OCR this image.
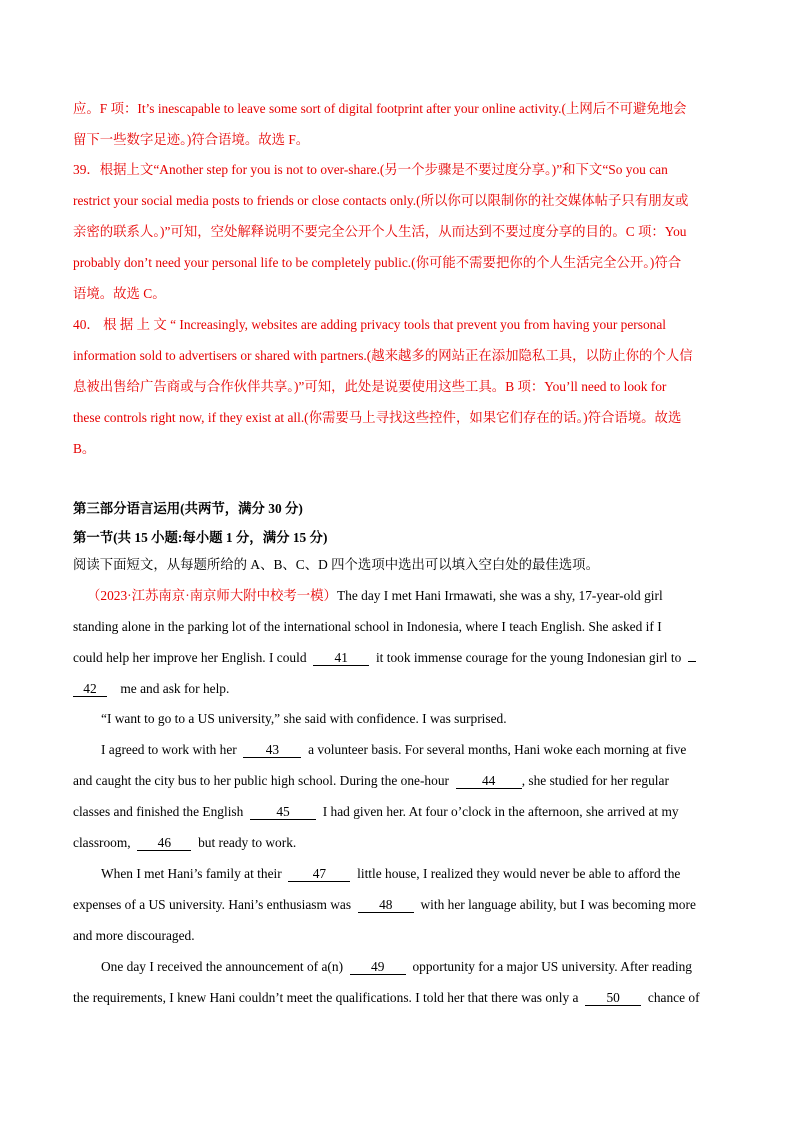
应。F 项：It’s inescapable to leave some sort of digital footprint after your online activity.(上网后不可避免地会
留下一些数字足迹。)符合语境。故选 F。
39．根据上文“Another step for you is not to over-share.(另一个步骤是不要过度分享。)”和下文“So you can
restrict your social media posts to friends or close contacts only.(所以你可以限制你的社交媒体帖子只有朋友或
亲密的联系人。)”可知，空处解释说明不要完全公开个人生活，从而达到不要过度分享的目的。C 项：You
probably don’t need your personal life to be completely public.(你可能不需要把你的个人生活完全公开。)符合
语境。故选 C。
40． 根 据 上 文 “ Increasingly, websites are adding privacy tools that prevent you from having your personal
information sold to advertisers or shared with partners.(越来越多的网站正在添加隐私工具，以防止你的个人信
息被出售给广告商或与合作伙伴共享。)”可知，此处是说要使用这些工具。B 项：You’ll need to look for
these controls right now, if they exist at all.(你需要马上寻找这些控件，如果它们存在的话。)符合语境。故选
B。
第三部分语言运用(共两节，满分 30 分)
第一节(共 15 小题:每小题 1 分，满分 15 分)
阅读下面短文，从每题所给的 A、B、C、D 四个选项中选出可以填入空白处的最佳选项。
（2023·江苏南京·南京师大附中校考一模）The day I met Hani Irmawati, she was a shy, 17-year-old girl
standing alone in the parking lot of the international school in Indonesia, where I teach English. She asked if I
could help her improve her English. I could 41 it took immense courage for the young Indonesian girl to
42 me and ask for help.
“I want to go to a US university,” she said with confidence. I was surprised.
I agreed to work with her 43 a volunteer basis. For several months, Hani woke each morning at five
and caught the city bus to her public high school. During the one-hour 44 , she studied for her regular
classes and finished the English 45 I had given her. At four o’clock in the afternoon, she arrived at my
classroom, 46 but ready to work.
When I met Hani’s family at their 47 little house, I realized they would never be able to afford the
expenses of a US university. Hani’s enthusiasm was 48 with her language ability, but I was becoming more
and more discouraged.
One day I received the announcement of a(n) 49 opportunity for a major US university. After reading
the requirements, I knew Hani couldn’t meet the qualifications. I told her that there was only a 50 chance of
